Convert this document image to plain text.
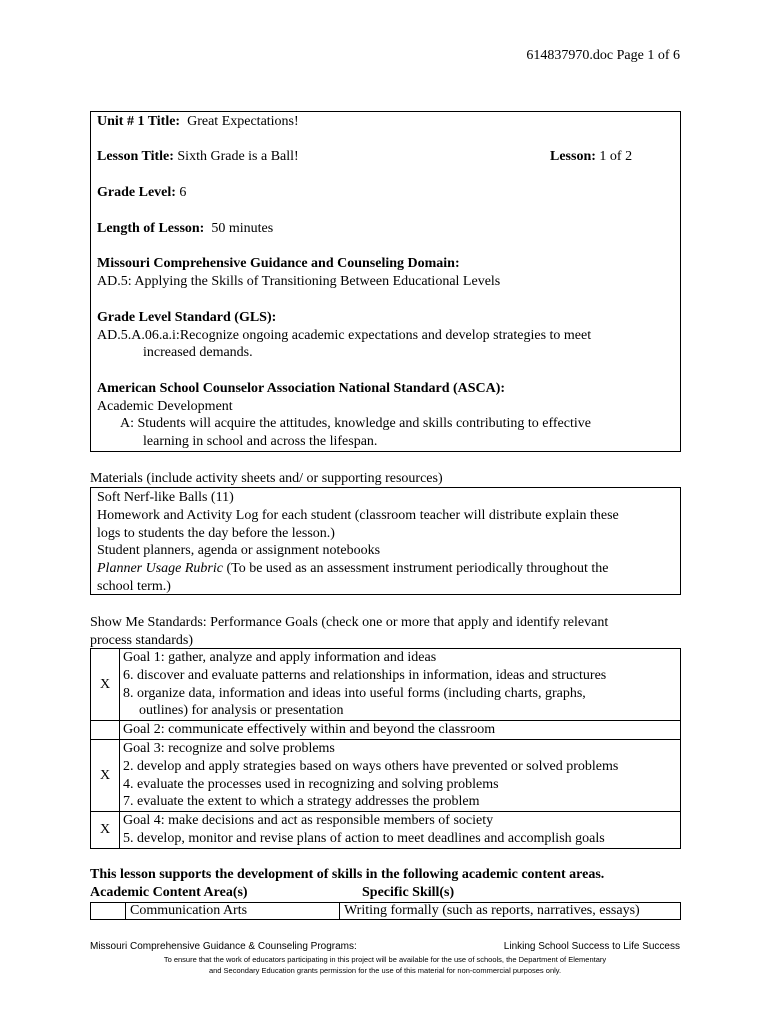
614837970.doc Page 1 of 6
Unit # 1 Title: Great Expectations!
Lesson Title: Sixth Grade is a Ball!	Lesson: 1 of 2
Grade Level: 6
Length of Lesson: 50 minutes
Missouri Comprehensive Guidance and Counseling Domain:
AD.5: Applying the Skills of Transitioning Between Educational Levels
Grade Level Standard (GLS):
AD.5.A.06.a.i:Recognize ongoing academic expectations and develop strategies to meet
increased demands.
American School Counselor Association National Standard (ASCA):
Academic Development
A: Students will acquire the attitudes, knowledge and skills contributing to effective
learning in school and across the lifespan.
Materials (include activity sheets and/ or supporting resources)
Soft Nerf-like Balls (11)
Homework and Activity Log for each student (classroom teacher will distribute explain these
logs to students the day before the lesson.)
Student planners, agenda or assignment notebooks
Planner Usage Rubric (To be used as an assessment instrument periodically throughout the
school term.)
Show Me Standards: Performance Goals (check one or more that apply and identify relevant
process standards)
X	Goal 1: gather, analyze and apply information and ideas
6. discover and evaluate patterns and relationships in information, ideas and structures
8. organize data, information and ideas into useful forms (including charts, graphs,
outlines) for analysis or presentation

	Goal 2: communicate effectively within and beyond the classroom

X	Goal 3: recognize and solve problems
2. develop and apply strategies based on ways others have prevented or solved problems
4. evaluate the processes used in recognizing and solving problems
7. evaluate the extent to which a strategy addresses the problem

X	Goal 4: make decisions and act as responsible members of society
5. develop, monitor and revise plans of action to meet deadlines and accomplish goals
This lesson supports the development of skills in the following academic content areas.
Academic Content Area(s)	Specific Skill(s)
	Communication Arts	Writing formally (such as reports, narratives, essays)
Missouri Comprehensive Guidance & Counseling Programs:	Linking School Success to Life Success
To ensure that the work of educators participating in this project will be available for the use of schools, the Department of Elementary
and Secondary Education grants permission for the use of this material for non-commercial purposes only.
